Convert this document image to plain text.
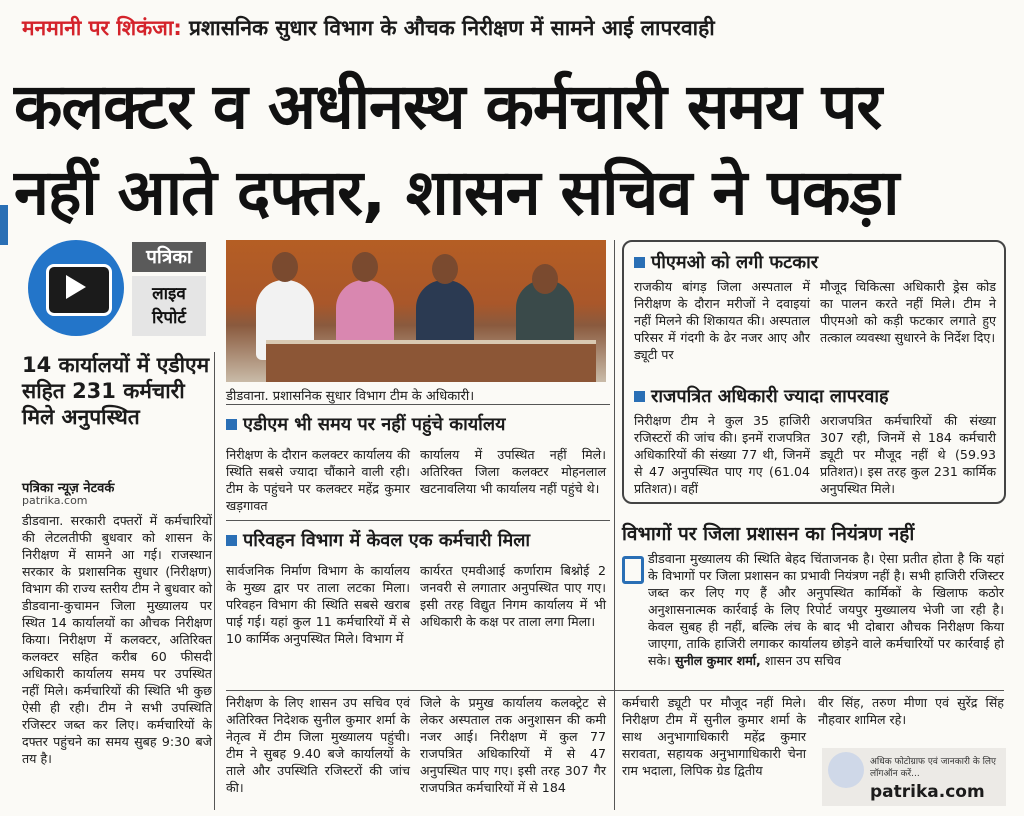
मनमानी पर शिकंजा: प्रशासनिक सुधार विभाग के औचक निरीक्षण में सामने आई लापरवाही
कलक्टर व अधीनस्थ कर्मचारी समय पर
नहीं आते दफ्तर, शासन सचिव ने पकड़ा
पत्रिका
लाइव
रिपोर्ट
डीडवाना. प्रशासनिक सुधार विभाग टीम के अधिकारी।
14 कार्यालयों में एडीएम सहित 231 कर्मचारी मिले अनुपस्थित
पत्रिका न्यूज़ नेटवर्क
patrika.com
डीडवाना. सरकारी दफ्तरों में कर्मचारियों की लेटलतीफी बुधवार को शासन के निरीक्षण में सामने आ गई। राजस्थान सरकार के प्रशासनिक सुधार (निरीक्षण) विभाग की राज्य स्तरीय टीम ने बुधवार को डीडवाना-कुचामन जिला मुख्यालय पर स्थित 14 कार्यालयों का औचक निरीक्षण किया। निरीक्षण में कलक्टर, अतिरिक्त कलक्टर सहित करीब 60 फीसदी अधिकारी कार्यालय समय पर उपस्थित नहीं मिले। कर्मचारियों की स्थिति भी कुछ ऐसी ही रही। टीम ने सभी उपस्थिति रजिस्टर जब्त कर लिए। कर्मचारियों के दफ्तर पहुंचने का समय सुबह 9:30 बजे तय है।
एडीएम भी समय पर नहीं पहुंचे कार्यालय
निरीक्षण के दौरान कलक्टर कार्यालय की स्थिति सबसे ज्यादा चौंकाने वाली रही। टीम के पहुंचने पर कलक्टर महेंद्र कुमार खड़गावत
कार्यालय में उपस्थित नहीं मिले। अतिरिक्त जिला कलक्टर मोहनलाल खटनावलिया भी कार्यालय नहीं पहुंचे थे।
परिवहन विभाग में केवल एक कर्मचारी मिला
सार्वजनिक निर्माण विभाग के कार्यालय के मुख्य द्वार पर ताला लटका मिला। परिवहन विभाग की स्थिति सबसे खराब पाई गई। यहां कुल 11 कर्मचारियों में से 10 कार्मिक अनुपस्थित मिले। विभाग में
कार्यरत एमवीआई कर्णाराम बिश्नोई 2 जनवरी से लगातार अनुपस्थित पाए गए। इसी तरह विद्युत निगम कार्यालय में भी अधिकारी के कक्ष पर ताला लगा मिला।
पीएमओ को लगी फटकार
राजकीय बांगड़ जिला अस्पताल में निरीक्षण के दौरान मरीजों ने दवाइयां नहीं मिलने की शिकायत की। अस्पताल परिसर में गंदगी के ढेर नजर आए और ड्यूटी पर
मौजूद चिकित्सा अधिकारी ड्रेस कोड का पालन करते नहीं मिले। टीम ने पीएमओ को कड़ी फटकार लगाते हुए तत्काल व्यवस्था सुधारने के निर्देश दिए।
राजपत्रित अधिकारी ज्यादा लापरवाह
निरीक्षण टीम ने कुल 35 हाजिरी रजिस्टरों की जांच की। इनमें राजपत्रित अधिकारियों की संख्या 77 थी, जिनमें से 47 अनुपस्थित पाए गए (61.04 प्रतिशत)। वहीं
अराजपत्रित कर्मचारियों की संख्या 307 रही, जिनमें से 184 कर्मचारी ड्यूटी पर मौजूद नहीं थे (59.93 प्रतिशत)। इस तरह कुल 231 कार्मिक अनुपस्थित मिले।
विभागों पर जिला प्रशासन का नियंत्रण नहीं
डीडवाना मुख्यालय की स्थिति बेहद चिंताजनक है। ऐसा प्रतीत होता है कि यहां के विभागों पर जिला प्रशासन का प्रभावी नियंत्रण नहीं है। सभी हाजिरी रजिस्टर जब्त कर लिए गए हैं और अनुपस्थित कार्मिकों के खिलाफ कठोर अनुशासनात्मक कार्रवाई के लिए रिपोर्ट जयपुर मुख्यालय भेजी जा रही है। केवल सुबह ही नहीं, बल्कि लंच के बाद भी दोबारा औचक निरीक्षण किया जाएगा, ताकि हाजिरी लगाकर कार्यालय छोड़ने वाले कर्मचारियों पर कार्रवाई हो सके। सुनील कुमार शर्मा, शासन उप सचिव
निरीक्षण के लिए शासन उप सचिव एवं अतिरिक्त निदेशक सुनील कुमार शर्मा के नेतृत्व में टीम जिला मुख्यालय पहुंची। टीम ने सुबह 9.40 बजे कार्यालयों के ताले और उपस्थिति रजिस्टरों की जांच की।
जिले के प्रमुख कार्यालय कलक्ट्रेट से लेकर अस्पताल तक अनुशासन की कमी नजर आई। निरीक्षण में कुल 77 राजपत्रित अधिकारियों में से 47 अनुपस्थित पाए गए। इसी तरह 307 गैर राजपत्रित कर्मचारियों में से 184
कर्मचारी ड्यूटी पर मौजूद नहीं मिले। निरीक्षण टीम में सुनील कुमार शर्मा के साथ अनुभागाधिकारी महेंद्र कुमार सरावता, सहायक अनुभागाधिकारी चेना राम भदाला, लिपिक ग्रेड द्वितीय
वीर सिंह, तरुण मीणा एवं सुरेंद्र सिंह नौहवार शामिल रहे।
अधिक फोटोग्राफ एवं जानकारी के लिए लॉगऑन करें...
patrika.com
